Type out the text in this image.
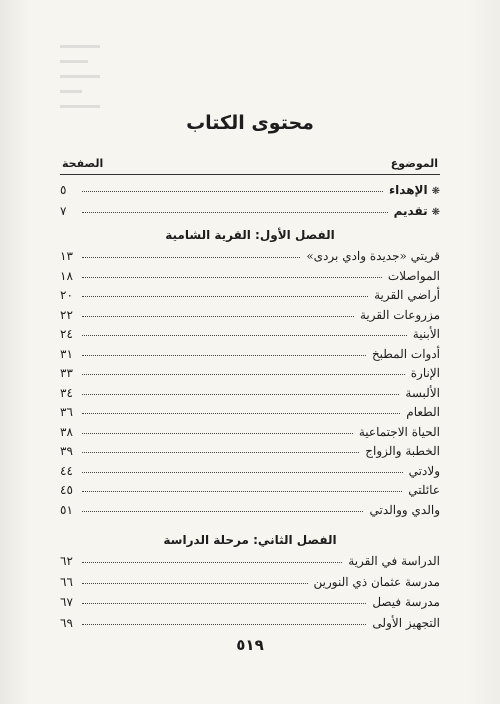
محتوى الكتاب
الموضوع
الصفحة
❋
الإهداء
٥
❋
تقديم
٧
الفصل الأول: القرية الشامية
قريتي «جديدة وادي بردى»
١٣
المواصلات
١٨
أراضي القرية
٢٠
مزروعات القرية
٢٢
الأبنية
٢٤
أدوات المطبخ
٣١
الإنارة
٣٣
الألبسة
٣٤
الطعام
٣٦
الحياة الاجتماعية
٣٨
الخطبة والزواج
٣٩
ولادتي
٤٤
عائلتي
٤٥
والدي ووالدتي
٥١
الفصل الثاني: مرحلة الدراسة
الدراسة في القرية
٦٢
مدرسة عثمان ذي النورين
٦٦
مدرسة فيصل
٦٧
التجهيز الأولى
٦٩
٥١٩
